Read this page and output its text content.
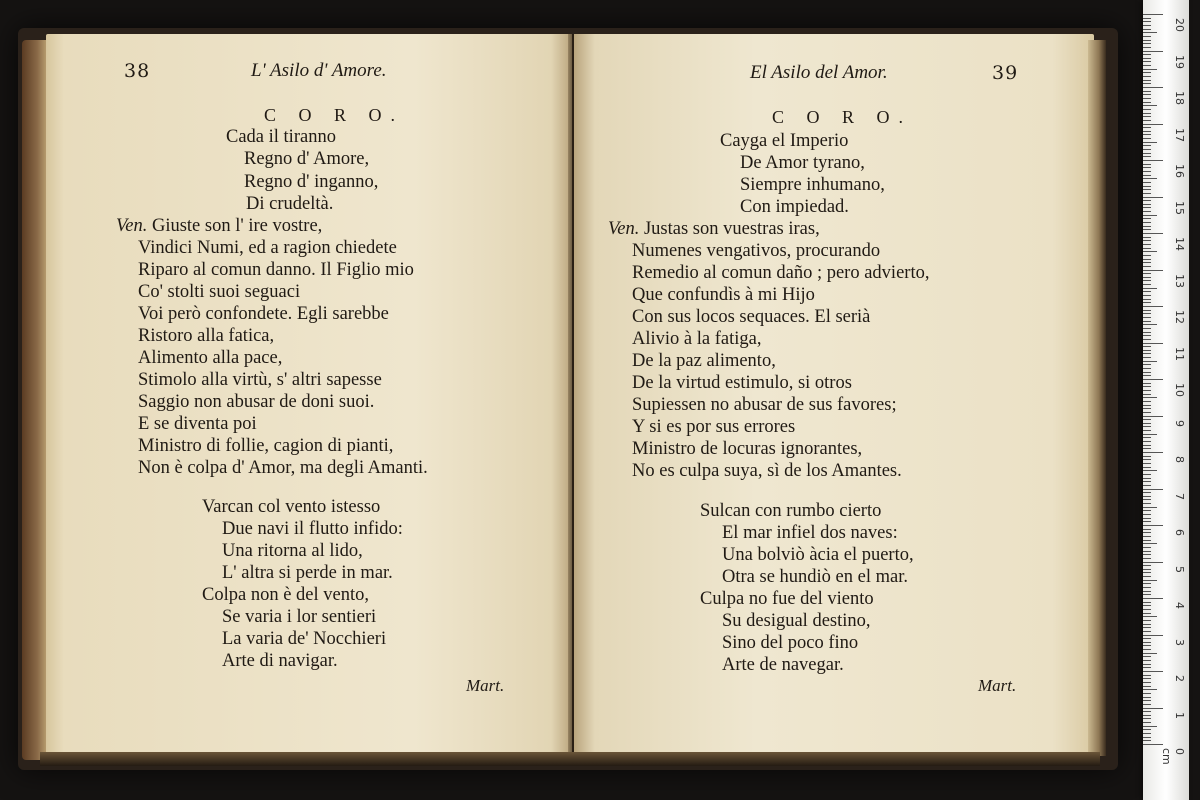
38	L' Asilo d' Amore.
C O R O.
Cada il tiranno
Regno d' Amore,
Regno d' inganno,
Di crudeltà.
Ven. Giuste son l' ire vostre,
Vindici Numi, ed a ragion chiedete
Riparo al comun danno. Il Figlio mio
Co' stolti suoi seguaci
Voi però confondete. Egli sarebbe
Ristoro alla fatica,
Alimento alla pace,
Stimolo alla virtù, s' altri sapesse
Saggio non abusar de doni suoi.
E se diventa poi
Ministro di follie, cagion di pianti,
Non è colpa d' Amor, ma degli Amanti.
Varcan col vento istesso
Due navi il flutto infido:
Una ritorna al lido,
L' altra si perde in mar.
Colpa non è del vento,
Se varia i lor sentieri
La varia de' Nocchieri
Arte di navigar.
Mart.
El Asilo del Amor.	39
C O R O.
Cayga el Imperio
De Amor tyrano,
Siempre inhumano,
Con impiedad.
Ven. Justas son vuestras iras,
Numenes vengativos, procurando
Remedio al comun daño ; pero advierto,
Que confundìs à mi Hijo
Con sus locos sequaces. El serià
Alivio à la fatiga,
De la paz alimento,
De la virtud estimulo, si otros
Supiessen no abusar de sus favores;
Y si es por sus errores
Ministro de locuras ignorantes,
No es culpa suya, sì de los Amantes.
Sulcan con rumbo cierto
El mar infiel dos naves:
Una bolviò àcia el puerto,
Otra se hundiò en el mar.
Culpa no fue del viento
Su desigual destino,
Sino del poco fino
Arte de navegar.
Mart.
20
19
18
17
16
15
14
13
12
11
10
9
8
7
6
5
4
3
2
1
0 cm
